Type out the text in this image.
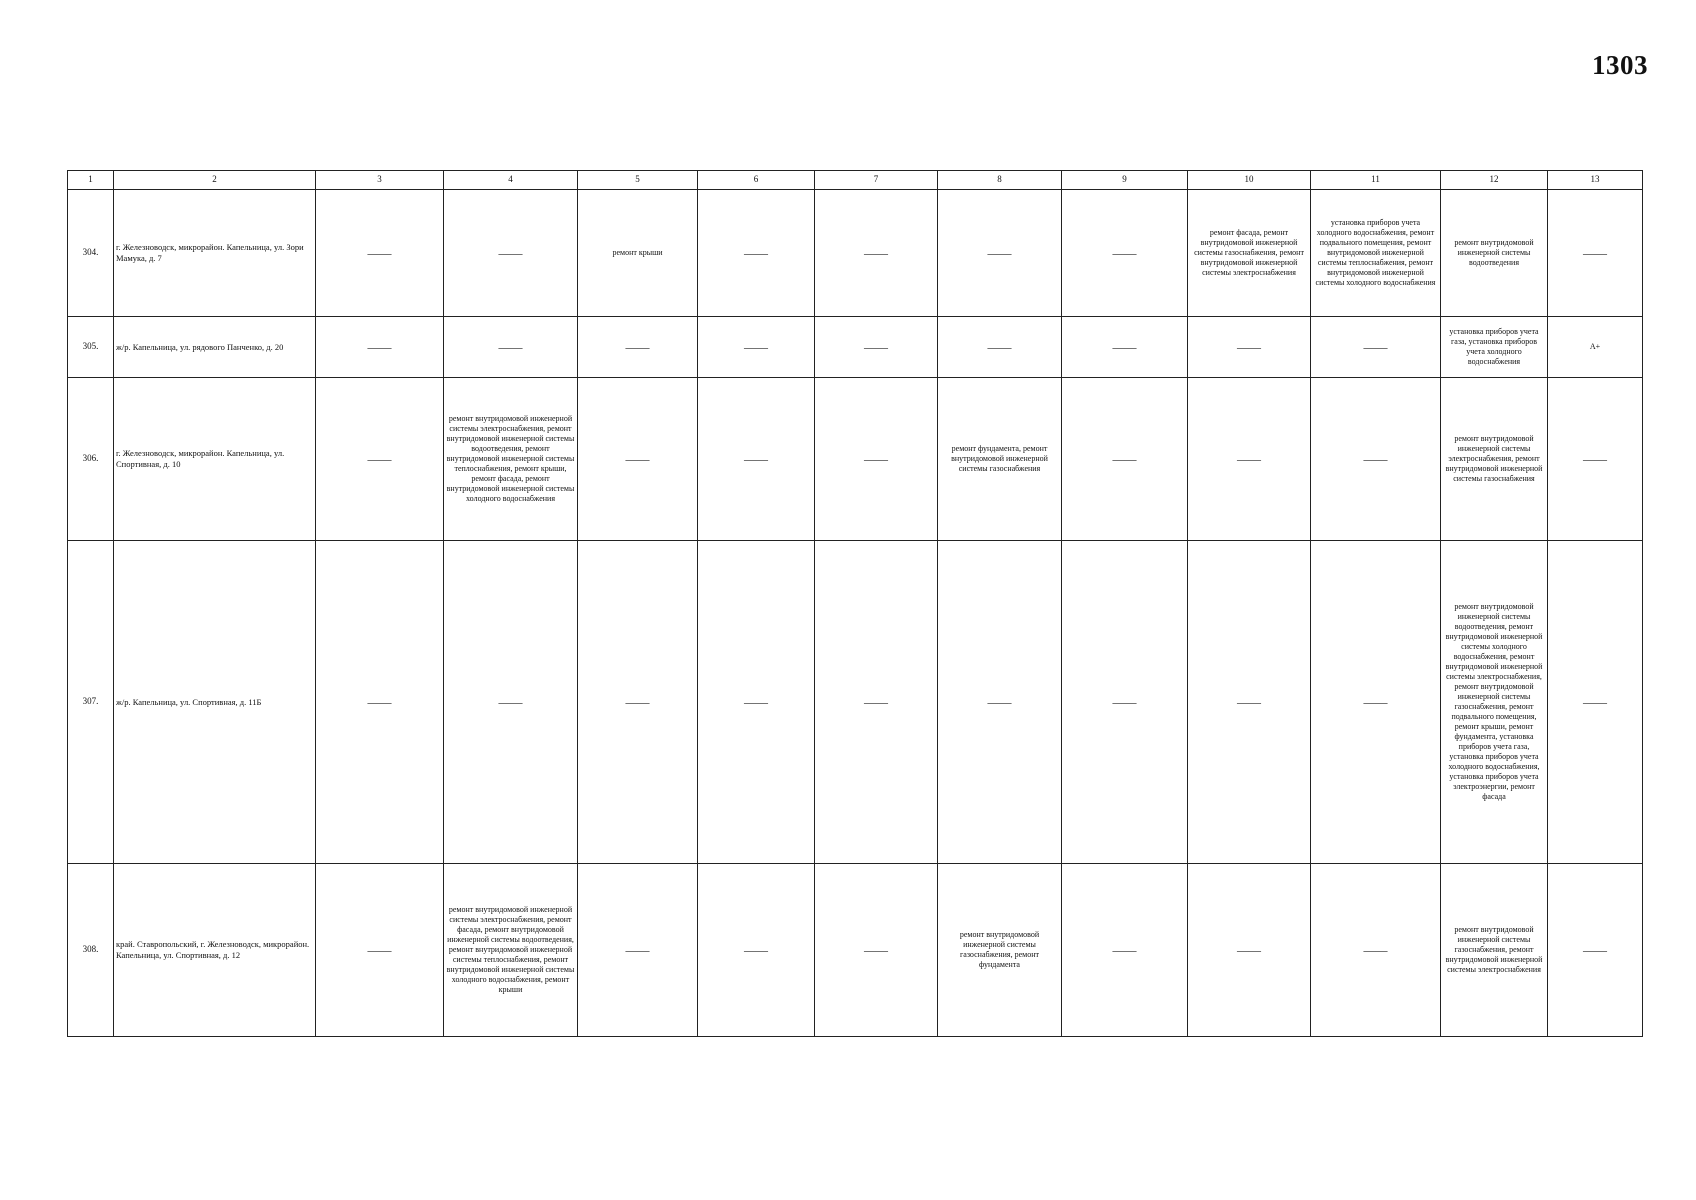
1303
1	2	3	4	5	6	7	8	9	10	11	12	13
304.	г. Железноводск, микрорайон. Капельница, ул. Зори Мамука, д. 7	——	——	ремонт крыши	——	——	——	——	ремонт фасада, ремонт внутридомовой инженерной системы газоснабжения, ремонт внутридомовой инженерной системы электроснабжения	установка приборов учета холодного водоснабжения, ремонт подвального помещения, ремонт внутридомовой инженерной системы теплоснабжения, ремонт внутридомовой инженерной системы холодного водоснабжения	ремонт внутридомовой инженерной системы водоотведения	——
305.	ж/р. Капельница, ул. рядового Панченко, д. 20	——	——	——	——	——	——	——	——	——	установка приборов учета газа, установка приборов учета холодного водоснабжения	А+
306.	г. Железноводск, микрорайон. Капельница, ул. Спортивная, д. 10	——	ремонт внутридомовой инженерной системы электроснабжения, ремонт внутридомовой инженерной системы водоотведения, ремонт внутридомовой инженерной системы теплоснабжения, ремонт крыши, ремонт фасада, ремонт внутридомовой инженерной системы холодного водоснабжения	——	——	——	ремонт фундамента, ремонт внутридомовой инженерной системы газоснабжения	——	——	——	ремонт внутридомовой инженерной системы электроснабжения, ремонт внутридомовой инженерной системы газоснабжения	——
307.	ж/р. Капельница, ул. Спортивная, д. 11Б	——	——	——	——	——	——	——	——	——	ремонт внутридомовой инженерной системы водоотведения, ремонт внутридомовой инженерной системы холодного водоснабжения, ремонт внутридомовой инженерной системы электроснабжения, ремонт внутридомовой инженерной системы газоснабжения, ремонт подвального помещения, ремонт крыши, ремонт фундамента, установка приборов учета газа, установка приборов учета холодного водоснабжения, установка приборов учета электроэнергии, ремонт фасада	——
308.	край. Ставропольский, г. Железноводск, микрорайон. Капельница, ул. Спортивная, д. 12	——	ремонт внутридомовой инженерной системы электроснабжения, ремонт фасада, ремонт внутридомовой инженерной системы водоотведения, ремонт внутридомовой инженерной системы теплоснабжения, ремонт внутридомовой инженерной системы холодного водоснабжения, ремонт крыши	——	——	——	ремонт внутридомовой инженерной системы газоснабжения, ремонт фундамента	——	——	——	ремонт внутридомовой инженерной системы газоснабжения, ремонт внутридомовой инженерной системы электроснабжения	——
